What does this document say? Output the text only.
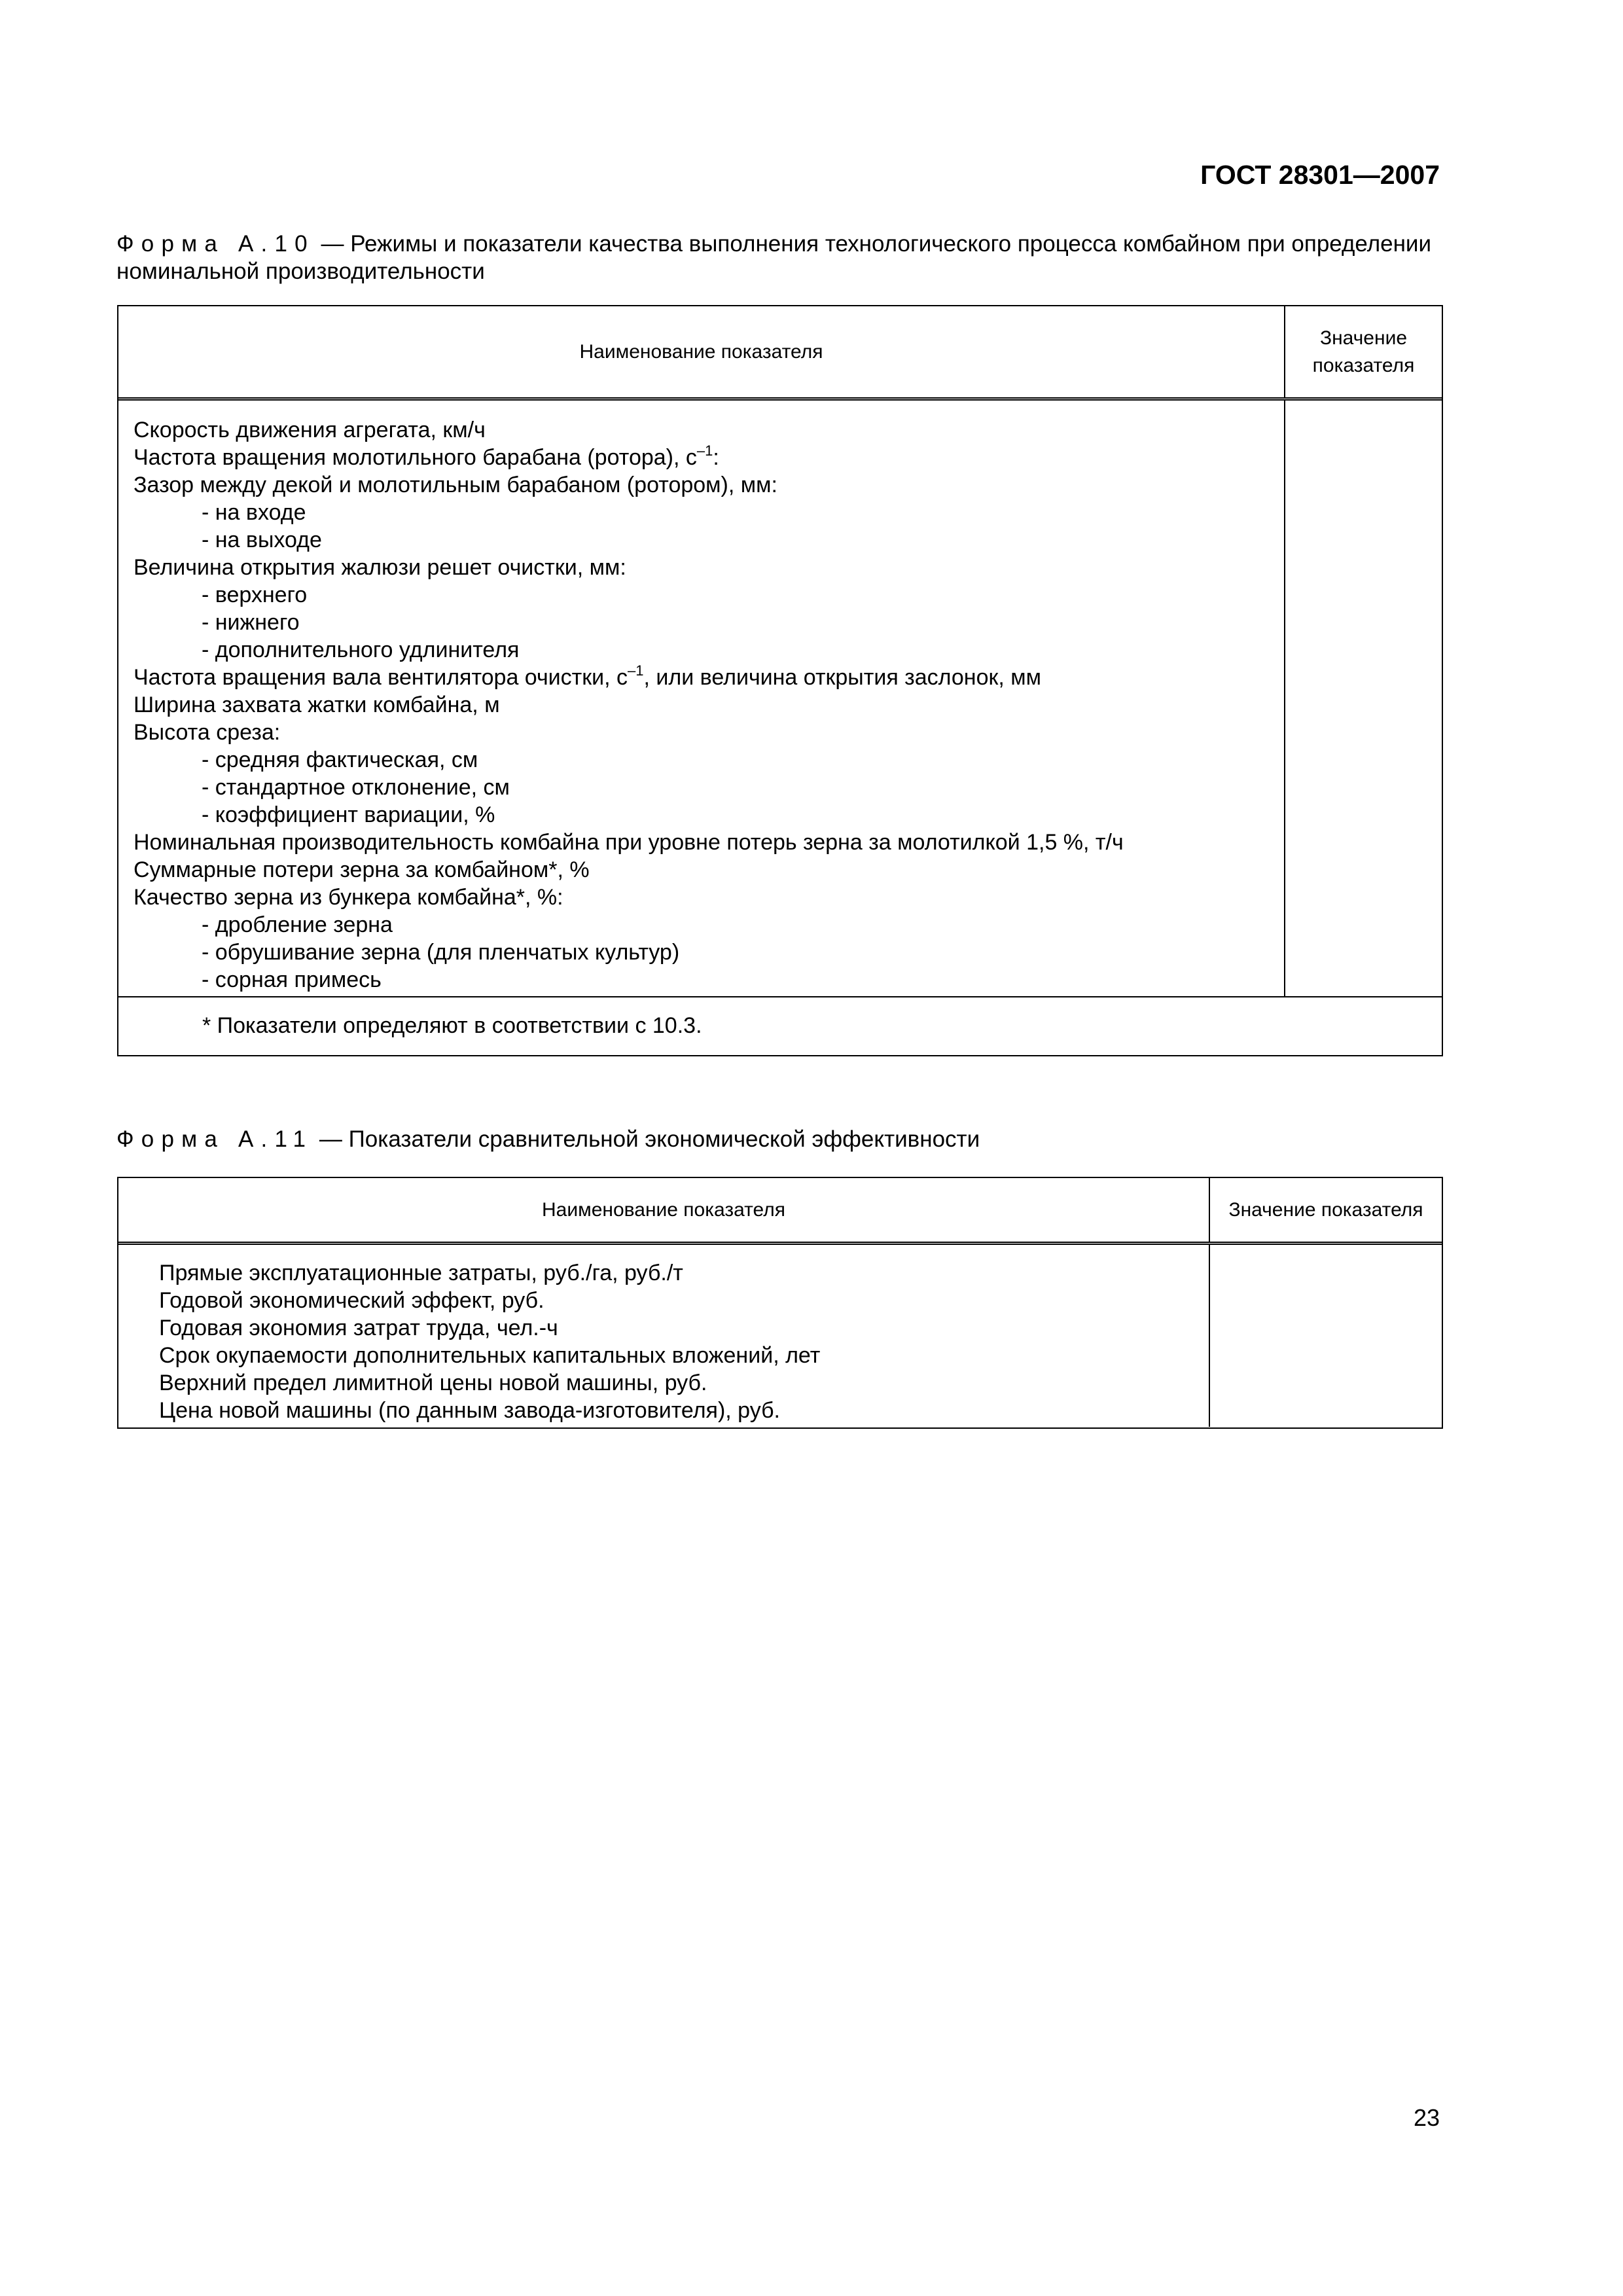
ГОСТ 28301—2007
Форма А.10 — Режимы и показатели качества выполнения технологического процесса комбайном при определении номинальной производительности
Наименование показателя
Значение показателя
Скорость движения агрегата, км/ч
Частота вращения молотильного барабана (ротора), $с^{-1}$:
Зазор между декой и молотильным барабаном (ротором), мм:
- на входе
- на выходе
Величина открытия жалюзи решет очистки, мм:
- верхнего
- нижнего
- дополнительного удлинителя
Частота вращения вала вентилятора очистки, $с^{-1}$, или величина открытия заслонок, мм
Ширина захвата жатки комбайна, м
Высота среза:
- средняя фактическая, см
- стандартное отклонение, см
- коэффициент вариации, %
Номинальная производительность комбайна при уровне потерь зерна за молотилкой 1,5 %, т/ч
Суммарные потери зерна за комбайном*, %
Качество зерна из бункера комбайна*, %:
- дробление зерна
- обрушивание зерна (для пленчатых культур)
- сорная примесь
* Показатели определяют в соответствии с 10.3.
Форма А.11 — Показатели сравнительной экономической эффективности
Наименование показателя	Значение показателя
Прямые эксплуатационные затраты, руб./га, руб./т
Годовой экономический эффект, руб.
Годовая экономия затрат труда, чел.-ч
Срок окупаемости дополнительных капитальных вложений, лет
Верхний предел лимитной цены новой машины, руб.
Цена новой машины (по данным завода-изготовителя), руб.
23
